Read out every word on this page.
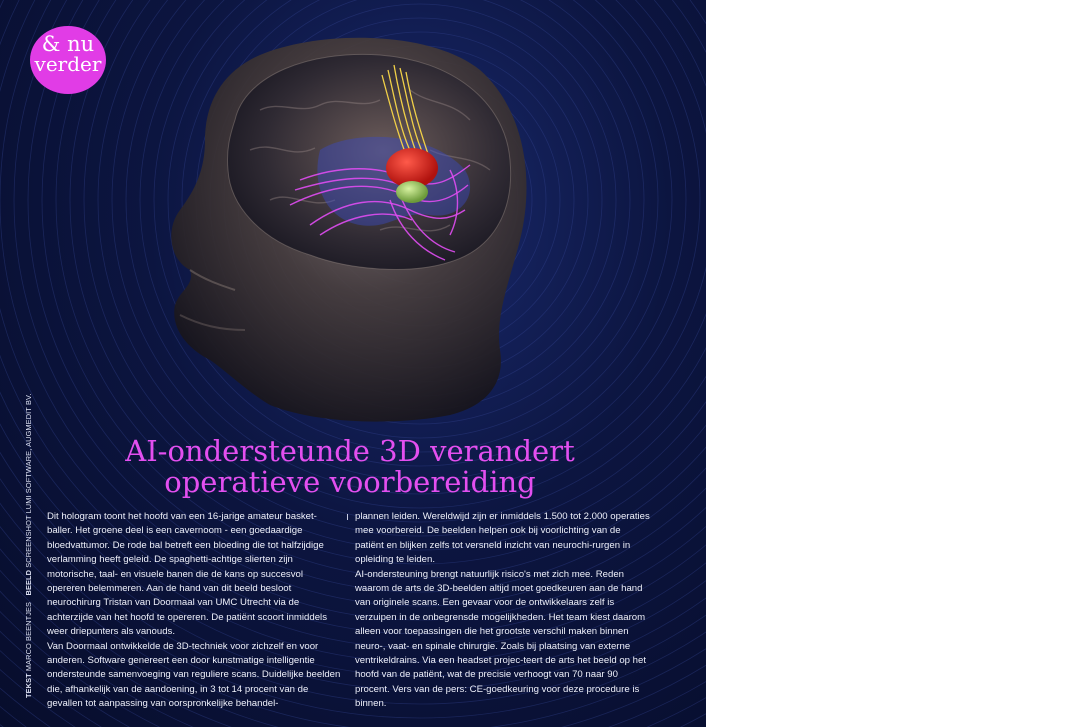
& nu
verder
TEKST MARCO BEENTJES   BEELD SCREENSHOT LUMI SOFTWARE, AUGMEDIT BV.	AI-ondersteunde 3D verandert
operatieve voorbereiding

Dit hologram toont het hoofd van een 16-jarige amateur basket-baller. Het groene deel is een cavernoom - een goedaardige bloedvattumor. De rode bal betreft een bloeding die tot halfzijdige verlamming heeft geleid. De spaghetti-achtige slierten zijn motorische, taal- en visuele banen die de kans op succesvol opereren belemmeren. Aan de hand van dit beeld besloot neurochirurg Tristan van Doormaal van UMC Utrecht via de achterzijde van het hoofd te opereren. De patiënt scoort inmiddels weer driepunters als vanouds.

Van Doormaal ontwikkelde de 3D-techniek voor zichzelf en voor anderen. Software genereert een door kunstmatige intelligentie ondersteunde samenvoeging van reguliere scans. Duidelijke beelden die, afhankelijk van de aandoening, in 3 tot 14 procent van de gevallen tot aanpassing van oorspronkelijke behandel-

plannen leiden. Wereldwijd zijn er inmiddels 1.500 tot 2.000 operaties mee voorbereid. De beelden helpen ook bij voorlichting van de patiënt en blijken zelfs tot versneld inzicht van neurochi-rurgen in opleiding te leiden.

AI-ondersteuning brengt natuurlijk risico's met zich mee. Reden waarom de arts de 3D-beelden altijd moet goedkeuren aan de hand van originele scans. Een gevaar voor de ontwikkelaars zelf is verzuipen in de onbegrensde mogelijkheden. Het team kiest daarom alleen voor toepassingen die het grootste verschil maken binnen neuro-, vaat- en spinale chirurgie. Zoals bij plaatsing van externe ventrikeldrains. Via een headset projec-teert de arts het beeld op het hoofd van de patiënt, wat de precisie verhoogt van 70 naar 90 procent. Vers van de pers: CE-goedkeuring voor deze procedure is binnen.
